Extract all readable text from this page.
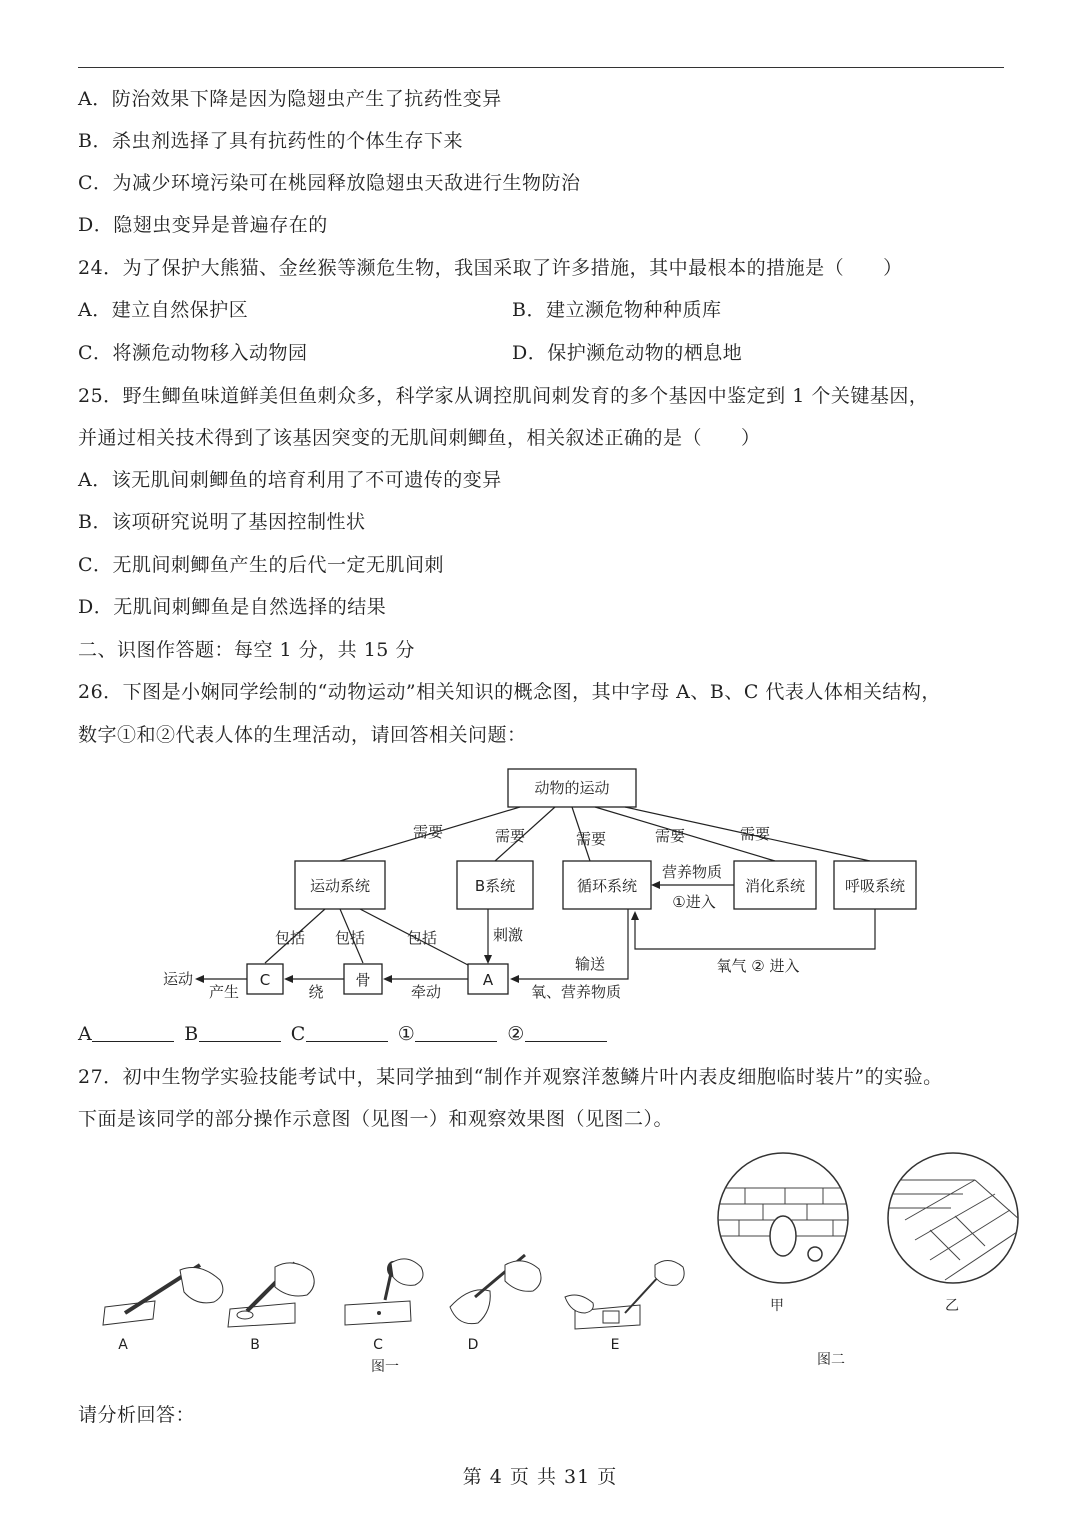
A．防治效果下降是因为隐翅虫产生了抗药性变异
B．杀虫剂选择了具有抗药性的个体生存下来
C．为减少环境污染可在桃园释放隐翅虫天敌进行生物防治
D．隐翅虫变异是普遍存在的
24．为了保护大熊猫、金丝猴等濒危生物，我国采取了许多措施，其中最根本的措施是（　　）
A．建立自然保护区	B．建立濒危物种种质库
C．将濒危动物移入动物园	D．保护濒危动物的栖息地
25．野生鲫鱼味道鲜美但鱼刺众多，科学家从调控肌间刺发育的多个基因中鉴定到 1 个关键基因，
并通过相关技术得到了该基因突变的无肌间刺鲫鱼，相关叙述正确的是（　　）
A．该无肌间刺鲫鱼的培育利用了不可遗传的变异
B．该项研究说明了基因控制性状
C．无肌间刺鲫鱼产生的后代一定无肌间刺
D．无肌间刺鲫鱼是自然选择的结果
二、识图作答题：每空 1 分，共 15 分
26．下图是小娴同学绘制的“动物运动”相关知识的概念图，其中字母 A、B、C 代表人体相关结构，
数字①和②代表人体的生理活动，请回答相关问题：
动物的运动
需要	需要	需要	需要	需要
运动系统	B系统	循环系统	消化系统	呼吸系统
营养物质
①进入
氧气 ② 进入
包括 包括	包括	刺激
C	骨	A
牵动
绕
运动
产生
输送
氧、营养物质
A	B	C	①	②
27．初中生物学实验技能考试中，某同学抽到“制作并观察洋葱鳞片叶内表皮细胞临时装片”的实验。
下面是该同学的部分操作示意图（见图一）和观察效果图（见图二）。
A	B	C	D	E
图一
甲	乙
图二
请分析回答：
第 4 页 共 31 页
